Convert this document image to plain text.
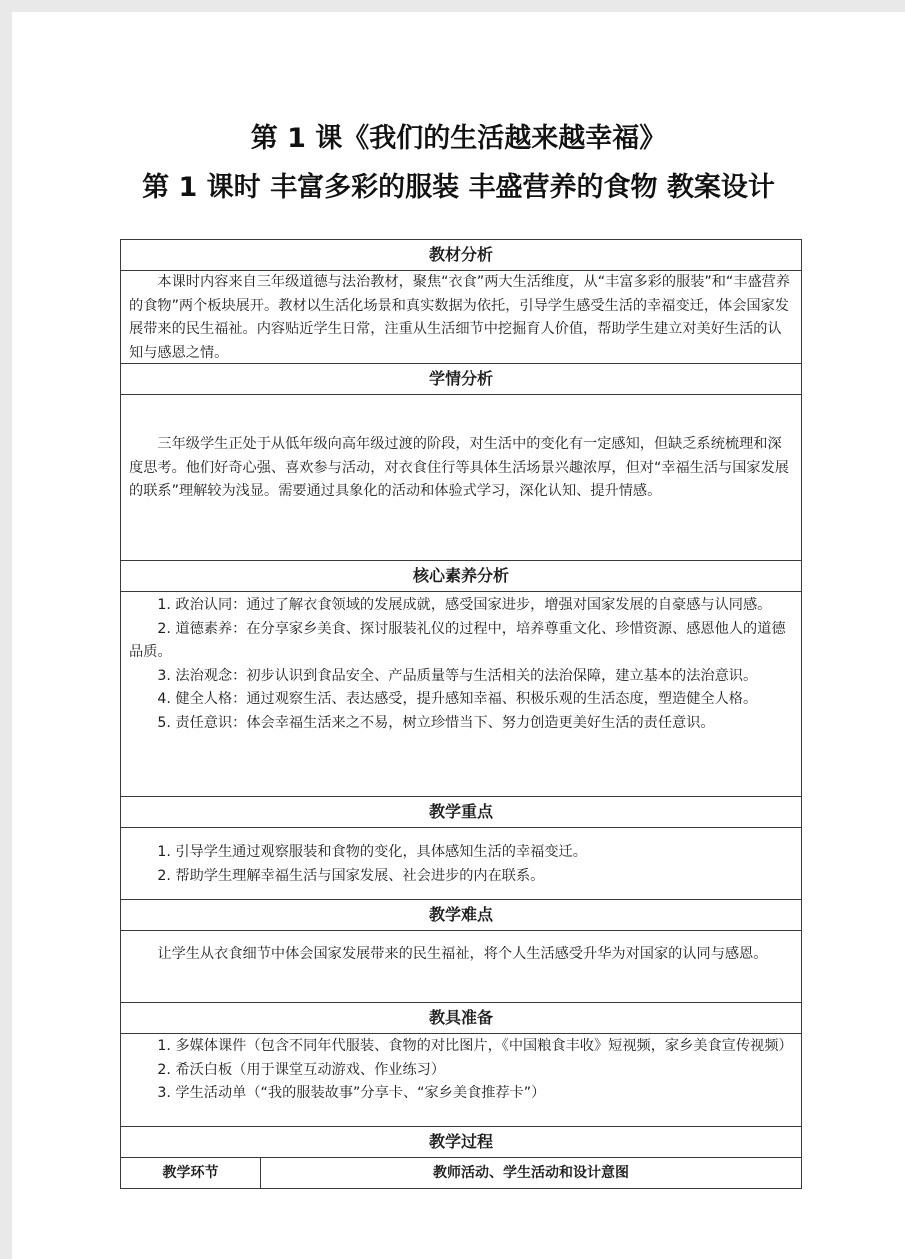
第 1 课《我们的生活越来越幸福》
第 1 课时 丰富多彩的服装 丰盛营养的食物 教案设计
教材分析
本课时内容来自三年级道德与法治教材，聚焦“衣食”两大生活维度，从“丰富多彩的服装”和“丰盛营养的食物”两个板块展开。教材以生活化场景和真实数据为依托，引导学生感受生活的幸福变迁，体会国家发展带来的民生福祉。内容贴近学生日常，注重从生活细节中挖掘育人价值，帮助学生建立对美好生活的认知与感恩之情。
学情分析
三年级学生正处于从低年级向高年级过渡的阶段，对生活中的变化有一定感知，但缺乏系统梳理和深度思考。他们好奇心强、喜欢参与活动，对衣食住行等具体生活场景兴趣浓厚，但对“幸福生活与国家发展的联系”理解较为浅显。需要通过具象化的活动和体验式学习，深化认知、提升情感。
核心素养分析

1. 政治认同：通过了解衣食领域的发展成就，感受国家进步，增强对国家发展的自豪感与认同感。

2. 道德素养：在分享家乡美食、探讨服装礼仪的过程中，培养尊重文化、珍惜资源、感恩他人的道德品质。

3. 法治观念：初步认识到食品安全、产品质量等与生活相关的法治保障，建立基本的法治意识。

4. 健全人格：通过观察生活、表达感受，提升感知幸福、积极乐观的生活态度，塑造健全人格。

5. 责任意识：体会幸福生活来之不易，树立珍惜当下、努力创造更美好生活的责任意识。

教学重点

1. 引导学生通过观察服装和食物的变化，具体感知生活的幸福变迁。

2. 帮助学生理解幸福生活与国家发展、社会进步的内在联系。

教学难点
让学生从衣食细节中体会国家发展带来的民生福祉，将个人生活感受升华为对国家的认同与感恩。
教具准备

1. 多媒体课件（包含不同年代服装、食物的对比图片，《中国粮食丰收》短视频，家乡美食宣传视频）

2. 希沃白板（用于课堂互动游戏、作业练习）

3. 学生活动单（“我的服装故事”分享卡、“家乡美食推荐卡”）

教学过程
教学环节	教师活动、学生活动和设计意图
